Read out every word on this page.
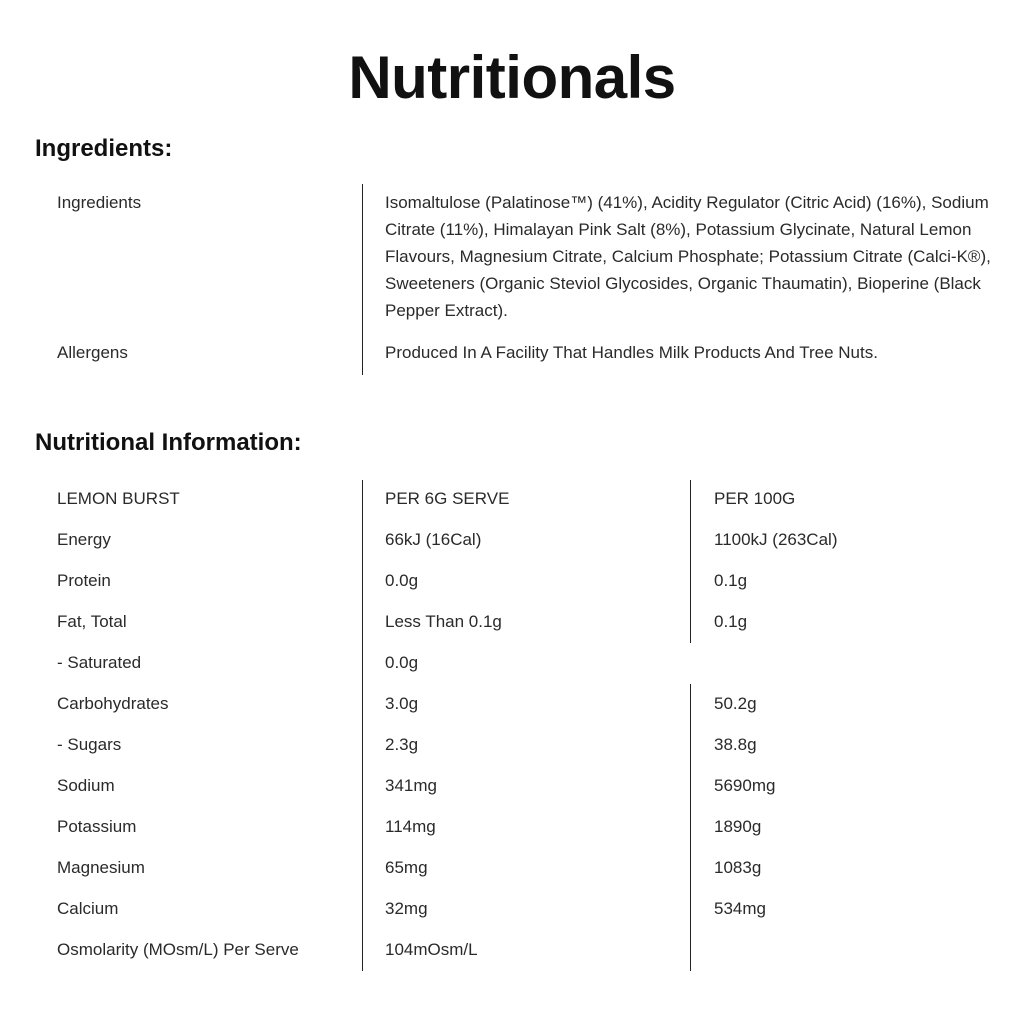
Nutritionals
Ingredients:
Ingredients	Isomaltulose (Palatinose™) (41%), Acidity Regulator (Citric Acid) (16%), Sodium Citrate (11%), Himalayan Pink Salt (8%), Potassium Glycinate, Natural Lemon Flavours, Magnesium Citrate, Calcium Phosphate; Potassium Citrate (Calci-K®), Sweeteners (Organic Steviol Glycosides, Organic Thaumatin), Bioperine (Black Pepper Extract).
Allergens	Produced In A Facility That Handles Milk Products And Tree Nuts.
Nutritional Information:
LEMON BURST	PER 6G SERVE	PER 100G
Energy	66kJ (16Cal)	1100kJ (263Cal)
Protein	0.0g	0.1g
Fat, Total	Less Than 0.1g	0.1g
- Saturated	0.0g
Carbohydrates	3.0g	50.2g
- Sugars	2.3g	38.8g
Sodium	341mg	5690mg
Potassium	114mg	1890g
Magnesium	65mg	1083g
Calcium	32mg	534mg
Osmolarity (MOsm/L) Per Serve	104mOsm/L
